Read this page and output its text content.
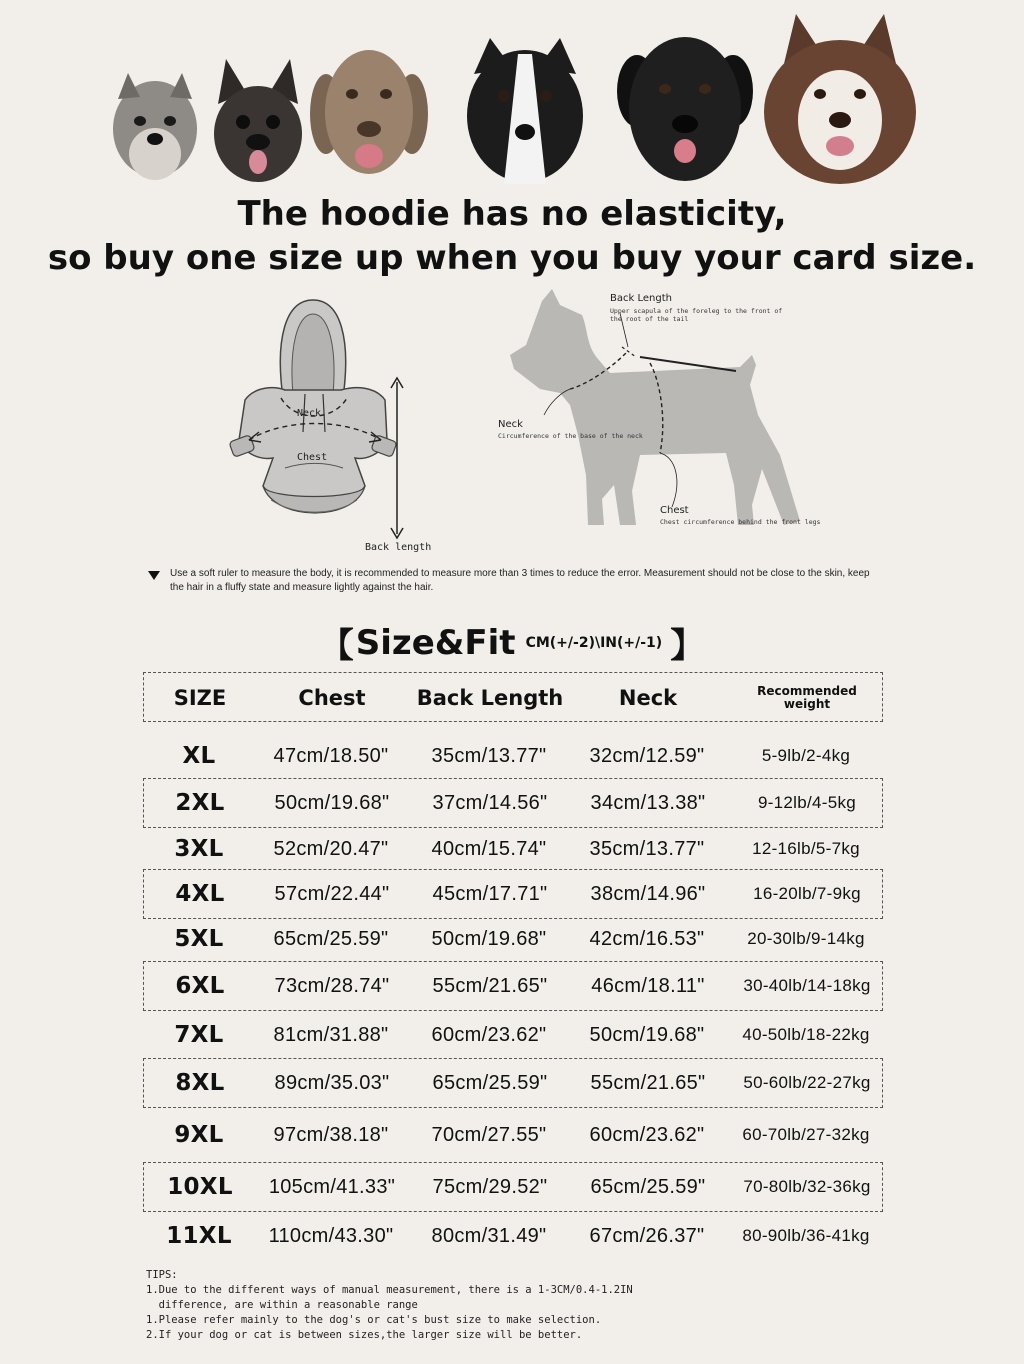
The hoodie has no elasticity,
so buy one size up when you buy your card size.
Neck
Chest
Back length
Back Length
Upper scapula of the foreleg to the front of
the root of the tail
Neck
Circumference of the base of the neck
Chest
Chest circumference behind the front legs
Use a soft ruler to measure the body, it is recommended to measure more than 3 times to reduce the error. Measurement should not be close to the skin, keep the hair in a fluffy state and measure lightly against the hair.
【Size&Fit CM(+/-2)\IN(+/-1) 】
SIZE	Chest	Back Length	Neck	Recommended
weight
XL	47cm/18.50"	35cm/13.77"	32cm/12.59"	5-9lb/2-4kg
2XL	50cm/19.68"	37cm/14.56"	34cm/13.38"	9-12lb/4-5kg
3XL	52cm/20.47"	40cm/15.74"	35cm/13.77"	12-16lb/5-7kg
4XL	57cm/22.44"	45cm/17.71"	38cm/14.96"	16-20lb/7-9kg
5XL	65cm/25.59"	50cm/19.68"	42cm/16.53"	20-30lb/9-14kg
6XL	73cm/28.74"	55cm/21.65"	46cm/18.11"	30-40lb/14-18kg
7XL	81cm/31.88"	60cm/23.62"	50cm/19.68"	40-50lb/18-22kg
8XL	89cm/35.03"	65cm/25.59"	55cm/21.65"	50-60lb/22-27kg
9XL	97cm/38.18"	70cm/27.55"	60cm/23.62"	60-70lb/27-32kg
10XL	105cm/41.33"	75cm/29.52"	65cm/25.59"	70-80lb/32-36kg
11XL	110cm/43.30"	80cm/31.49"	67cm/26.37"	80-90lb/36-41kg
TIPS:
1.Due to the different ways of manual measurement, there is a 1-3CM/0.4-1.2IN
difference, are within a reasonable range
1.Please refer mainly to the dog's or cat's bust size to make selection.
2.If your dog or cat is between sizes,the larger size will be better.
